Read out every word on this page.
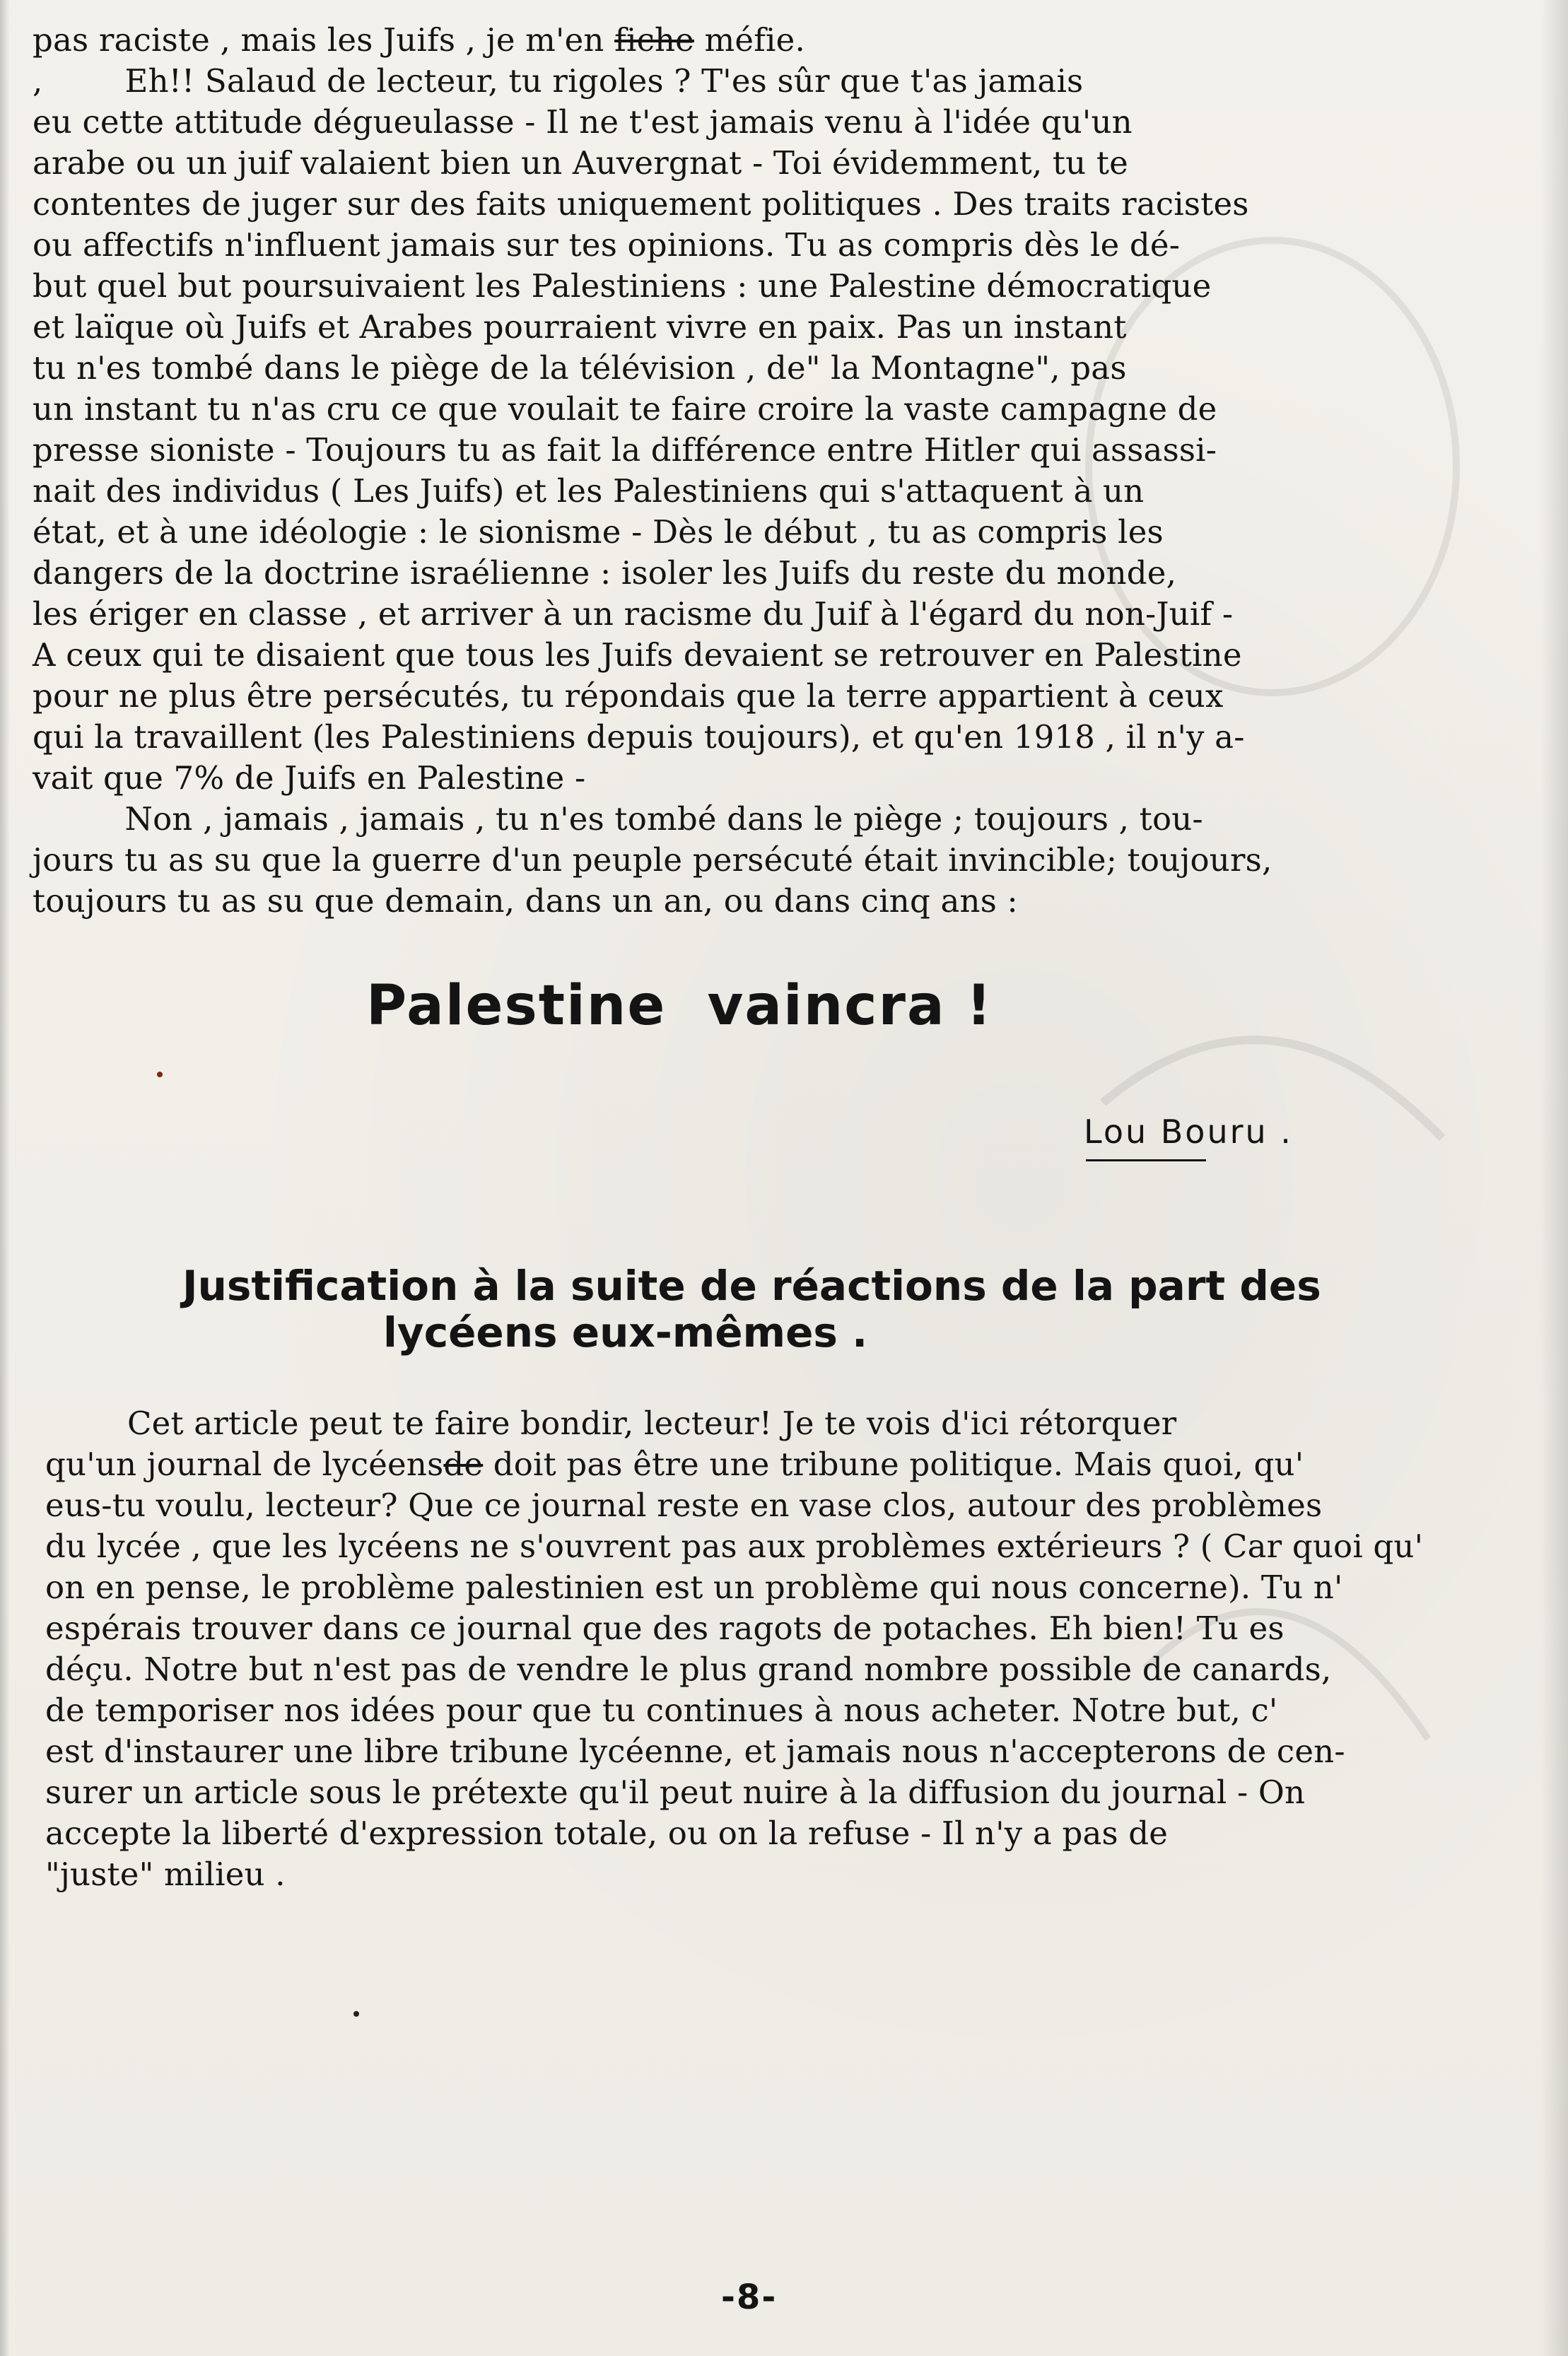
pas raciste , mais les Juifs , je m'en fiche méfie.
,        Eh!! Salaud de lecteur, tu rigoles ? T'es sûr que t'as jamais
eu cette attitude dégueulasse - Il ne t'est jamais venu à l'idée qu'un
arabe ou un juif valaient bien un Auvergnat - Toi évidemment, tu te
contentes de juger sur des faits uniquement politiques . Des traits racistes
ou affectifs n'influent jamais sur tes opinions. Tu as compris dès le dé-
but quel but poursuivaient les Palestiniens : une Palestine démocratique
et laïque où Juifs et Arabes pourraient vivre en paix. Pas un instant
tu n'es tombé dans le piège de la télévision , de" la Montagne", pas
un instant tu n'as cru ce que voulait te faire croire la vaste campagne de
presse sioniste - Toujours tu as fait la différence entre Hitler qui assassi-
nait des individus ( Les Juifs) et les Palestiniens qui s'attaquent à un
état, et à une idéologie : le sionisme - Dès le début , tu as compris les
dangers de la doctrine israélienne : isoler les Juifs du reste du monde,
les ériger en classe , et arriver à un racisme du Juif à l'égard du non-Juif -
A ceux qui te disaient que tous les Juifs devaient se retrouver en Palestine
pour ne plus être persécutés, tu répondais que la terre appartient à ceux
qui la travaillent (les Palestiniens depuis toujours), et qu'en 1918 , il n'y a-
vait que 7% de Juifs en Palestine -
Non , jamais , jamais , tu n'es tombé dans le piège ; toujours , tou-
jours tu as su que la guerre d'un peuple persécuté était invincible; toujours,
toujours tu as su que demain, dans un an, ou dans cinq ans :
Palestine  vaincra !
Lou Bouru .
Justification à la suite de réactions de la part des
lycéens eux-mêmes .
Cet article peut te faire bondir, lecteur! Je te vois d'ici rétorquer
qu'un journal de lycéensde doit pas être une tribune politique. Mais quoi, qu'
eus-tu voulu, lecteur? Que ce journal reste en vase clos, autour des problèmes
du lycée , que les lycéens ne s'ouvrent pas aux problèmes extérieurs ? ( Car quoi qu'
on en pense, le problème palestinien est un problème qui nous concerne). Tu n'
espérais trouver dans ce journal que des ragots de potaches. Eh bien! Tu es
déçu. Notre but n'est pas de vendre le plus grand nombre possible de canards,
de temporiser nos idées pour que tu continues à nous acheter. Notre but, c'
est d'instaurer une libre tribune lycéenne, et jamais nous n'accepterons de cen-
surer un article sous le prétexte qu'il peut nuire à la diffusion du journal - On
accepte la liberté d'expression totale, ou on la refuse - Il n'y a pas de
"juste" milieu .
-8-
